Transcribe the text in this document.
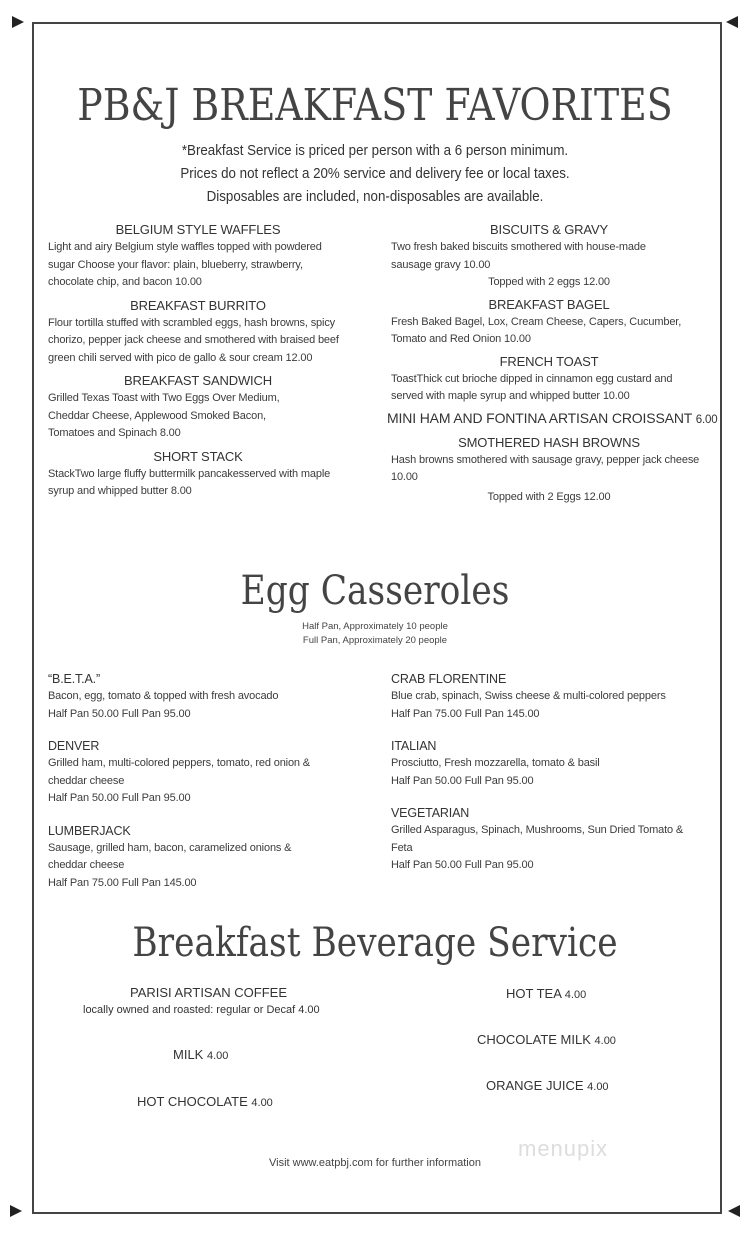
PB&J BREAKFAST FAVORITES
*Breakfast Service is priced per person with a 6 person minimum.
Prices do not reflect a 20% service and delivery fee or local taxes.
Disposables are included, non-disposables are available.
BELGIUM STYLE WAFFLES

Light and airy Belgium style waffles topped with powdered sugar Choose your flavor: plain, blueberry, strawberry, chocolate chip, and bacon 10.00

BREAKFAST BURRITO

Flour tortilla stuffed with scrambled eggs, hash browns, spicy chorizo, pepper jack cheese and smothered with braised beef green chili served with pico de gallo & sour cream 12.00

BREAKFAST SANDWICH

Grilled Texas Toast with Two Eggs Over Medium, Cheddar Cheese, Applewood Smoked Bacon, Tomatoes and Spinach 8.00

SHORT STACK

StackTwo large fluffy buttermilk pancakesserved with maple syrup and whipped butter 8.00

BISCUITS & GRAVY

Two fresh baked biscuits smothered with house-made sausage gravy 10.00

Topped with 2 eggs 12.00
BREAKFAST BAGEL

Fresh Baked Bagel, Lox, Cream Cheese, Capers, Cucumber, Tomato and Red Onion 10.00

FRENCH TOAST

ToastThick cut brioche dipped in cinnamon egg custard and served with maple syrup and whipped butter 10.00

MINI HAM AND FONTINA ARTISAN CROISSANT 6.00
SMOTHERED HASH BROWNS

Hash browns smothered with sausage gravy, pepper jack cheese 10.00

Topped with 2 Eggs 12.00
Egg Casseroles
Half Pan, Approximately 10 people
Full Pan, Approximately 20 people
“B.E.T.A.”
Bacon, egg, tomato & topped with fresh avocado
Half Pan 50.00 Full Pan 95.00
DENVER
Grilled ham, multi-colored peppers, tomato, red onion & cheddar cheese
Half Pan 50.00 Full Pan 95.00
LUMBERJACK
Sausage, grilled ham, bacon, caramelized onions & cheddar cheese
Half Pan 75.00 Full Pan 145.00
CRAB FLORENTINE
Blue crab, spinach, Swiss cheese & multi-colored peppers
Half Pan 75.00 Full Pan 145.00
ITALIAN
Prosciutto, Fresh mozzarella, tomato & basil
Half Pan 50.00 Full Pan 95.00
VEGETARIAN
Grilled Asparagus, Spinach, Mushrooms, Sun Dried Tomato & Feta
Half Pan 50.00 Full Pan 95.00
Breakfast Beverage Service
PARISI ARTISAN COFFEE
locally owned and roasted: regular or Decaf 4.00
MILK 4.00
HOT CHOCOLATE 4.00
HOT TEA 4.00
CHOCOLATE MILK 4.00
ORANGE JUICE 4.00
Visit www.eatpbj.com for further information
menupix
